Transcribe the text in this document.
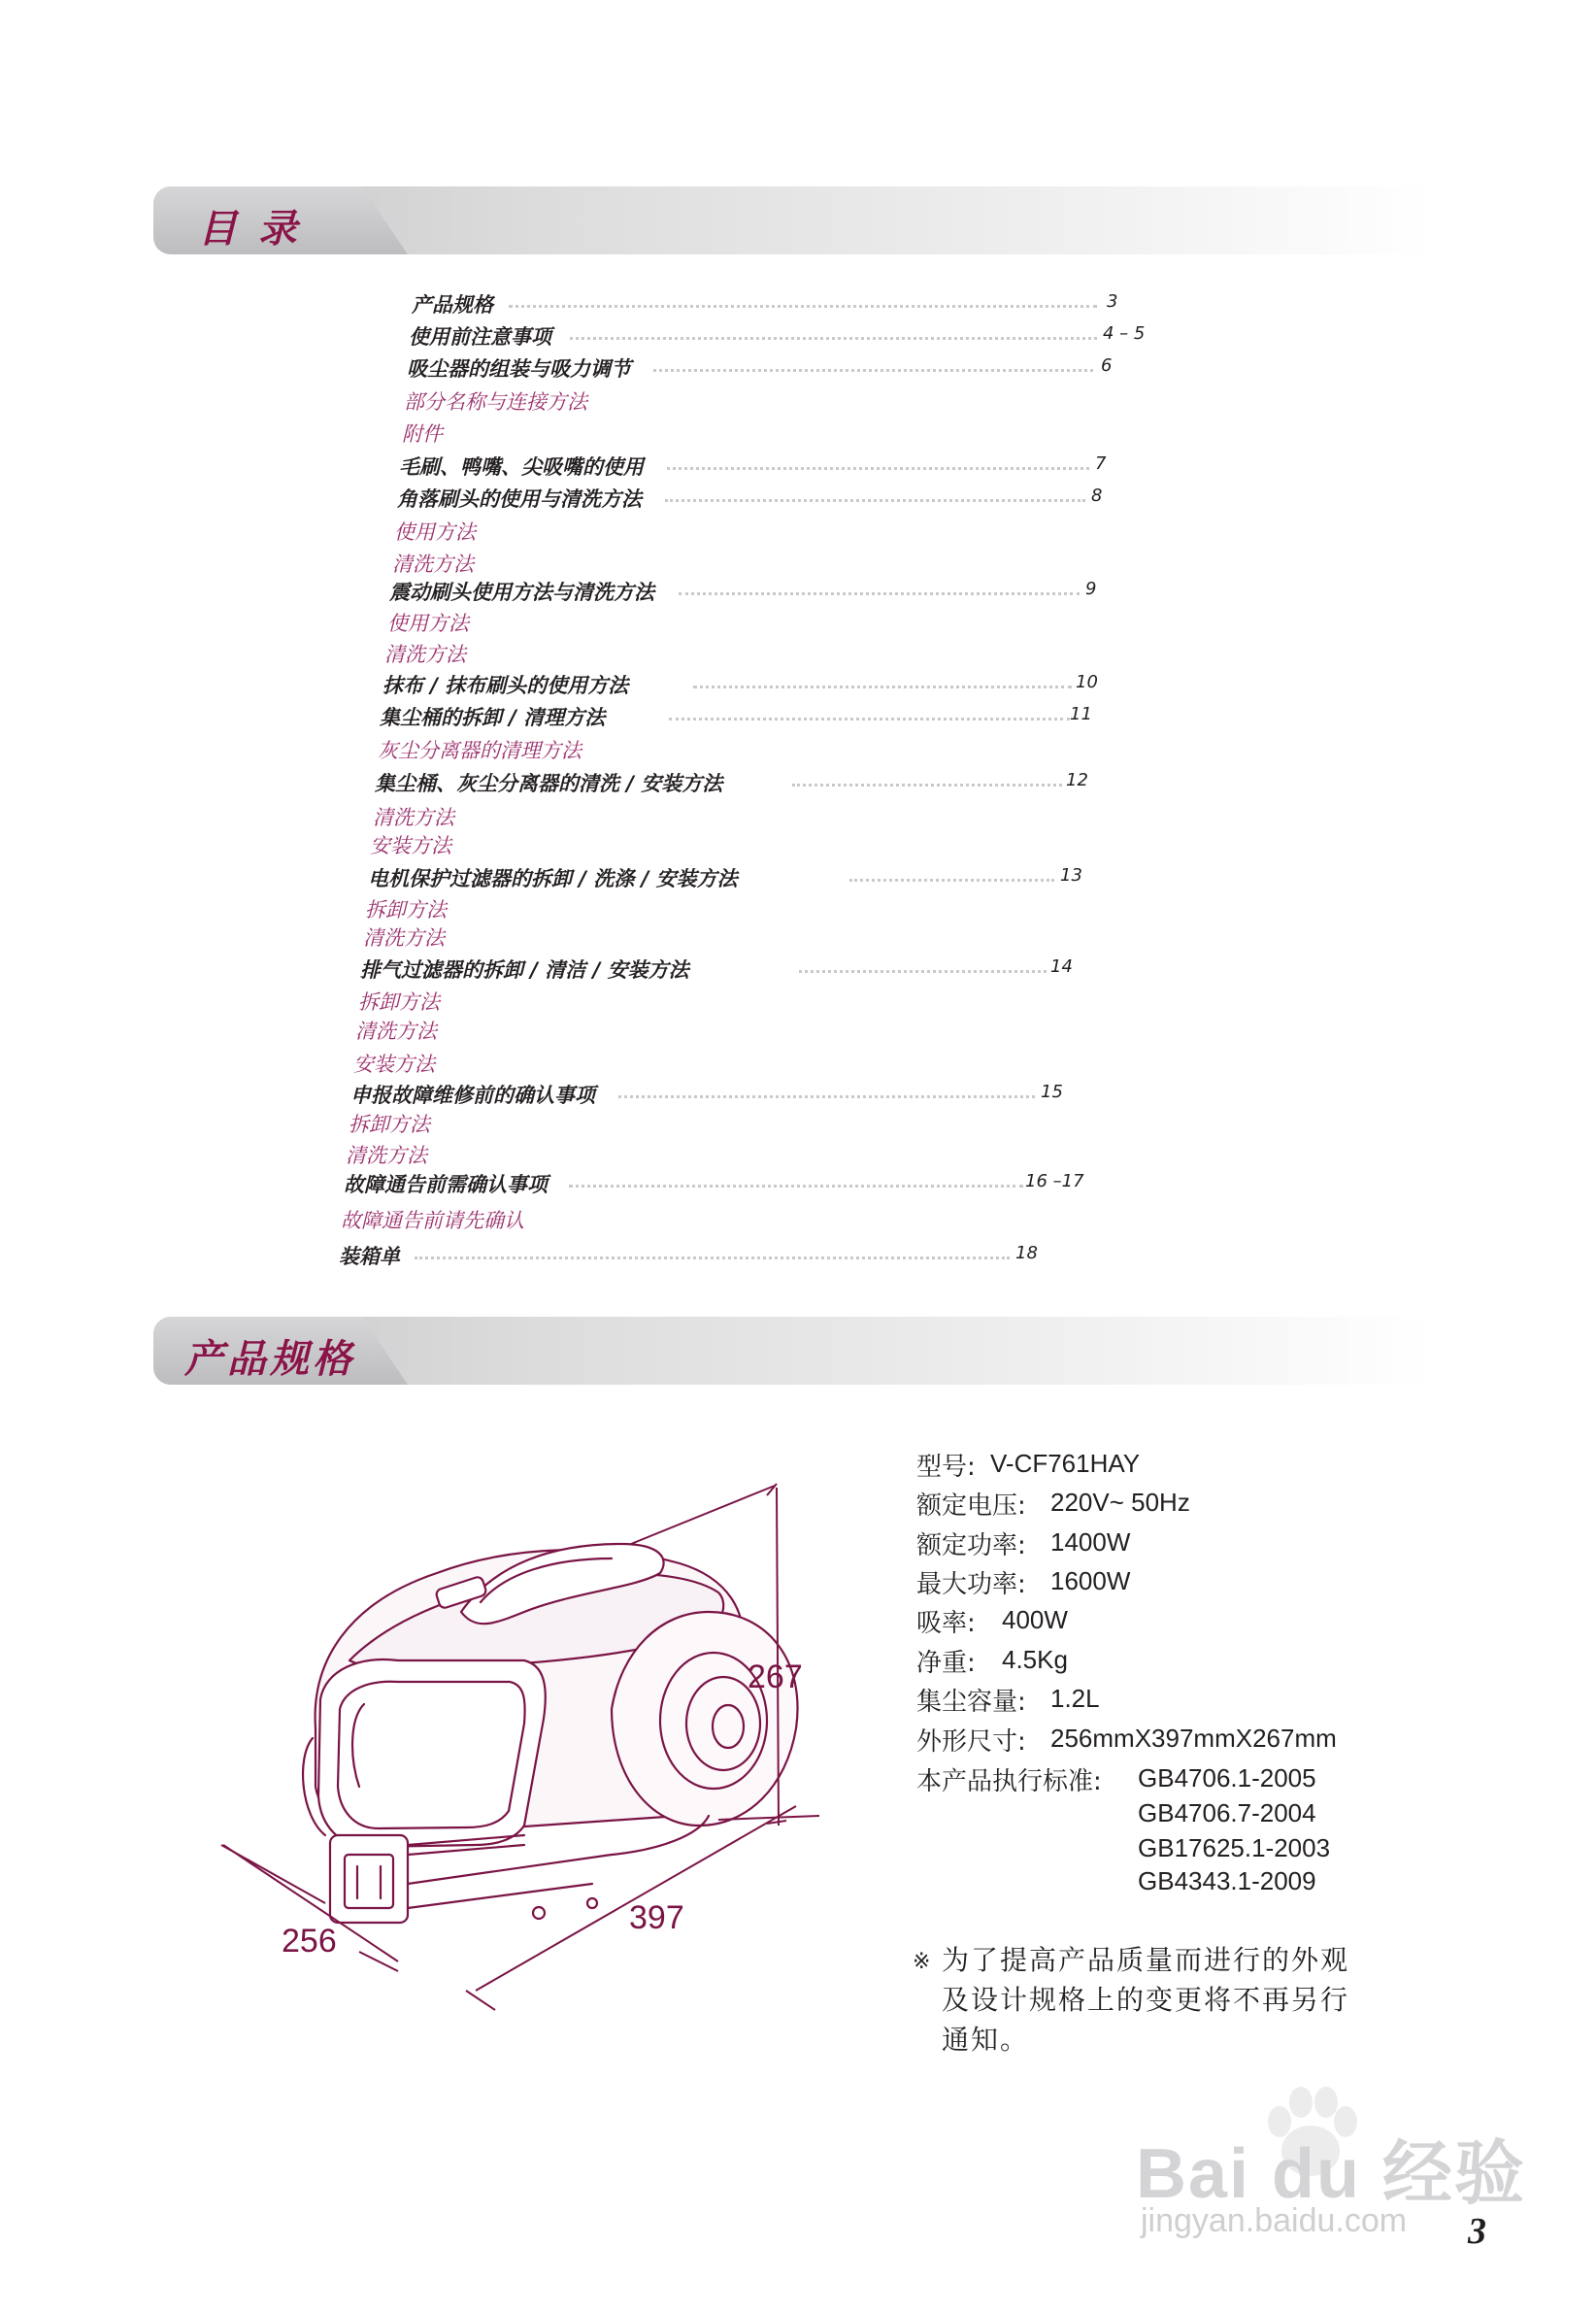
目 录
产品规格	3
使用前注意事项	4 – 5
吸尘器的组装与吸力调节	6
部分名称与连接方法
附件
毛刷、鸭嘴、尖吸嘴的使用	7
角落刷头的使用与清洗方法	8
使用方法
清洗方法
震动刷头使用方法与清洗方法	9
使用方法
清洗方法
抹布 / 抹布刷头的使用方法	10
集尘桶的拆卸 / 清理方法	11
灰尘分离器的清理方法
集尘桶、灰尘分离器的清洗 / 安装方法	12
清洗方法
安装方法
电机保护过滤器的拆卸 / 洗涤 / 安装方法	13
拆卸方法
清洗方法
排气过滤器的拆卸 / 清洁 / 安装方法	14
拆卸方法
清洗方法
安装方法
申报故障维修前的确认事项	15
拆卸方法
清洗方法
故障通告前需确认事项	16 –17
故障通告前请先确认
装箱单	18
产品规格
267
397
256
型号: V-CF761HAY
额定电压: 220V~ 50Hz
额定功率: 1400W
最大功率: 1600W
吸率: 400W
净重: 4.5Kg
集尘容量: 1.2L
外形尺寸: 256mmX397mmX267mm
本产品执行标准: GB4706.1-2005
GB4706.7-2004
GB17625.1-2003
GB4343.1-2009
※ 为了提高产品质量而进行的外观
及设计规格上的变更将不再另行
通知。
Bai du 经验
jingyan.baidu.com 3
